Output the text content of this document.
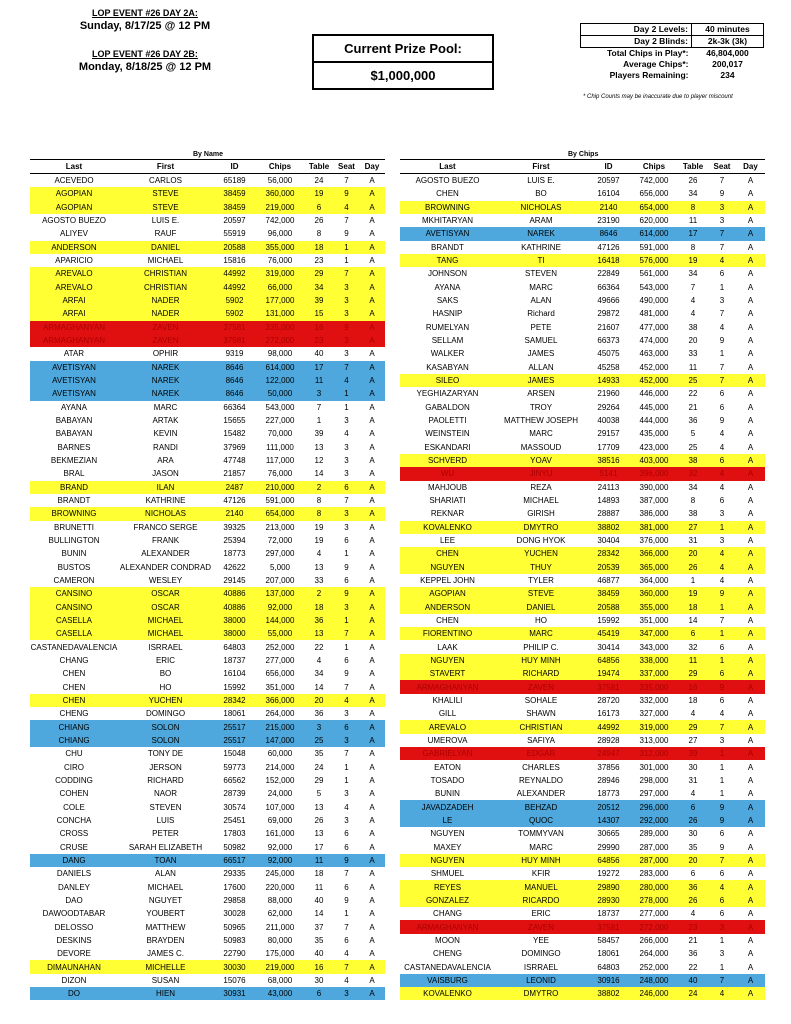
LOP EVENT #26 DAY 2A:
Sunday, 8/17/25 @ 12 PM
LOP EVENT #26 DAY 2B:
Monday, 8/18/25 @ 12 PM
Current Prize Pool:
$1,000,000
Day 2 Levels:	40 minutes
Day 2 Blinds:	2k-3k (3k)
Total Chips in Play*:	46,804,000
Average Chips*:	200,017
Players Remaining:	234
* Chip Counts may be inaccurate due to player miscount
By Name	By Chips
Last	First	ID	Chips	Table	Seat	Day
ACEVEDO	CARLOS	65189	56,000	24	7	A
AGOPIAN	STEVE	38459	360,000	19	9	A
AGOPIAN	STEVE	38459	219,000	6	4	A
AGOSTO BUEZO	LUIS E.	20597	742,000	26	7	A
ALIYEV	RAUF	55919	96,000	8	9	A
ANDERSON	DANIEL	20588	355,000	18	1	A
APARICIO	MICHAEL	15816	76,000	23	1	A
AREVALO	CHRISTIAN	44992	319,000	29	7	A
AREVALO	CHRISTIAN	44992	66,000	34	3	A
ARFAI	NADER	5902	177,000	39	3	A
ARFAI	NADER	5902	131,000	15	3	A
ARMAGHANYAN	ZAVEN	37581	335,000	16	9	A
ARMAGHANYAN	ZAVEN	37581	272,000	23	3	A
ATAR	OPHIR	9319	98,000	40	3	A
AVETISYAN	NAREK	8646	614,000	17	7	A
AVETISYAN	NAREK	8646	122,000	11	4	A
AVETISYAN	NAREK	8646	50,000	3	1	A
AYANA	MARC	66364	543,000	7	1	A
BABAYAN	ARTAK	15655	227,000	1	3	A
BABAYAN	KEVIN	15482	70,000	39	4	A
BARNES	RANDI	37969	111,000	13	3	A
BEKMEZIAN	ARA	47748	117,000	12	3	A
BRAL	JASON	21857	76,000	14	3	A
BRAND	ILAN	2487	210,000	2	6	A
BRANDT	KATHRINE	47126	591,000	8	7	A
BROWNING	NICHOLAS	2140	654,000	8	3	A
BRUNETTI	FRANCO SERGE	39325	213,000	19	3	A
BULLINGTON	FRANK	25394	72,000	19	6	A
BUNIN	ALEXANDER	18773	297,000	4	1	A
BUSTOS	ALEXANDER CONDRAD	42622	5,000	13	9	A
CAMERON	WESLEY	29145	207,000	33	6	A
CANSINO	OSCAR	40886	137,000	2	9	A
CANSINO	OSCAR	40886	92,000	18	3	A
CASELLA	MICHAEL	38000	144,000	36	1	A
CASELLA	MICHAEL	38000	55,000	13	7	A
CASTANEDAVALENCIA	ISRRAEL	64803	252,000	22	1	A
CHANG	ERIC	18737	277,000	4	6	A
CHEN	BO	16104	656,000	34	9	A
CHEN	HO	15992	351,000	14	7	A
CHEN	YUCHEN	28342	366,000	20	4	A
CHENG	DOMINGO	18061	264,000	36	3	A
CHIANG	SOLON	25517	215,000	3	6	A
CHIANG	SOLON	25517	147,000	25	3	A
CHU	TONY DE	15048	60,000	35	7	A
CIRO	JERSON	59773	214,000	24	1	A
CODDING	RICHARD	66562	152,000	29	1	A
COHEN	NAOR	28739	24,000	5	3	A
COLE	STEVEN	30574	107,000	13	4	A
CONCHA	LUIS	25451	69,000	26	3	A
CROSS	PETER	17803	161,000	13	6	A
CRUSE	SARAH ELIZABETH	50982	92,000	17	6	A
DANG	TOAN	66517	92,000	11	9	A
DANIELS	ALAN	29335	245,000	18	7	A
DANLEY	MICHAEL	17600	220,000	11	6	A
DAO	NGUYET	29858	88,000	40	9	A
DAWOODTABAR	YOUBERT	30028	62,000	14	1	A
DELOSSO	MATTHEW	50965	211,000	37	7	A
DESKINS	BRAYDEN	50983	80,000	35	6	A
DEVORE	JAMES C.	22790	175,000	40	4	A
DIMAUNAHAN	MICHELLE	30030	219,000	16	7	A
DIZON	SUSAN	15076	68,000	30	4	A
DO	HIEN	30931	43,000	6	3	A
Last	First	ID	Chips	Table	Seat	Day
AGOSTO BUEZO	LUIS E.	20597	742,000	26	7	A
CHEN	BO	16104	656,000	34	9	A
BROWNING	NICHOLAS	2140	654,000	8	3	A
MKHITARYAN	ARAM	23190	620,000	11	3	A
AVETISYAN	NAREK	8646	614,000	17	7	A
BRANDT	KATHRINE	47126	591,000	8	7	A
TANG	TI	16418	576,000	19	4	A
JOHNSON	STEVEN	22849	561,000	34	6	A
AYANA	MARC	66364	543,000	7	1	A
SAKS	ALAN	49666	490,000	4	3	A
HASNIP	Richard	29872	481,000	4	7	A
RUMELYAN	PETE	21607	477,000	38	4	A
SELLAM	SAMUEL	66373	474,000	20	9	A
WALKER	JAMES	45075	463,000	33	1	A
KASABYAN	ALLAN	45258	452,000	11	7	A
SILEO	JAMES	14933	452,000	25	7	A
YEGHIAZARYAN	ARSEN	21960	446,000	22	6	A
GABALDON	TROY	29264	445,000	21	6	A
PAOLETTI	MATTHEW JOSEPH	40038	444,000	36	9	A
WEINSTEIN	MARC	29157	435,000	5	4	A
ESKANDARI	MASSOUD	17709	423,000	25	4	A
SCHVERD	YOAV	38516	403,000	38	6	A
WU	JINYU	5141	396,000	32	4	A
MAHJOUB	REZA	24113	390,000	34	4	A
SHARIATI	MICHAEL	14893	387,000	8	6	A
REKNAR	GIRISH	28887	386,000	38	3	A
KOVALENKO	DMYTRO	38802	381,000	27	1	A
LEE	DONG HYOK	30404	376,000	31	3	A
CHEN	YUCHEN	28342	366,000	20	4	A
NGUYEN	THUY	20539	365,000	26	4	A
KEPPEL JOHN	TYLER	46877	364,000	1	4	A
AGOPIAN	STEVE	38459	360,000	19	9	A
ANDERSON	DANIEL	20588	355,000	18	1	A
CHEN	HO	15992	351,000	14	7	A
FIORENTINO	MARC	45419	347,000	6	1	A
LAAK	PHILIP C.	30414	343,000	32	6	A
NGUYEN	HUY MINH	64856	338,000	11	1	A
STAVERT	RICHARD	19474	337,000	29	6	A
ARMAGHANYAN	ZAVEN	37581	335,000	16	9	A
KHALILI	SOHALE	28720	332,000	18	6	A
GILL	SHAWN	16173	327,000	4	4	A
AREVALO	CHRISTIAN	44992	319,000	29	7	A
UMEROVA	SAFIYA	28928	313,000	27	3	A
GABRIELYAN	EDGAR	24947	312,000	39	1	A
EATON	CHARLES	37856	301,000	30	1	A
TOSADO	REYNALDO	28946	298,000	31	1	A
BUNIN	ALEXANDER	18773	297,000	4	1	A
JAVADZADEH	BEHZAD	20512	296,000	6	9	A
LE	QUOC	14307	292,000	26	9	A
NGUYEN	TOMMYVAN	30665	289,000	30	6	A
MAXEY	MARC	29990	287,000	35	9	A
NGUYEN	HUY MINH	64856	287,000	20	7	A
SHMUEL	KFIR	19272	283,000	6	6	A
REYES	MANUEL	29890	280,000	36	4	A
GONZALEZ	RICARDO	28930	278,000	26	6	A
CHANG	ERIC	18737	277,000	4	6	A
ARMAGHANYAN	ZAVEN	37581	272,000	23	3	A
MOON	YEE	58457	266,000	21	1	A
CHENG	DOMINGO	18061	264,000	36	3	A
CASTANEDAVALENCIA	ISRRAEL	64803	252,000	22	1	A
VAISBURG	LEONID	30916	248,000	40	7	A
KOVALENKO	DMYTRO	38802	246,000	24	4	A
